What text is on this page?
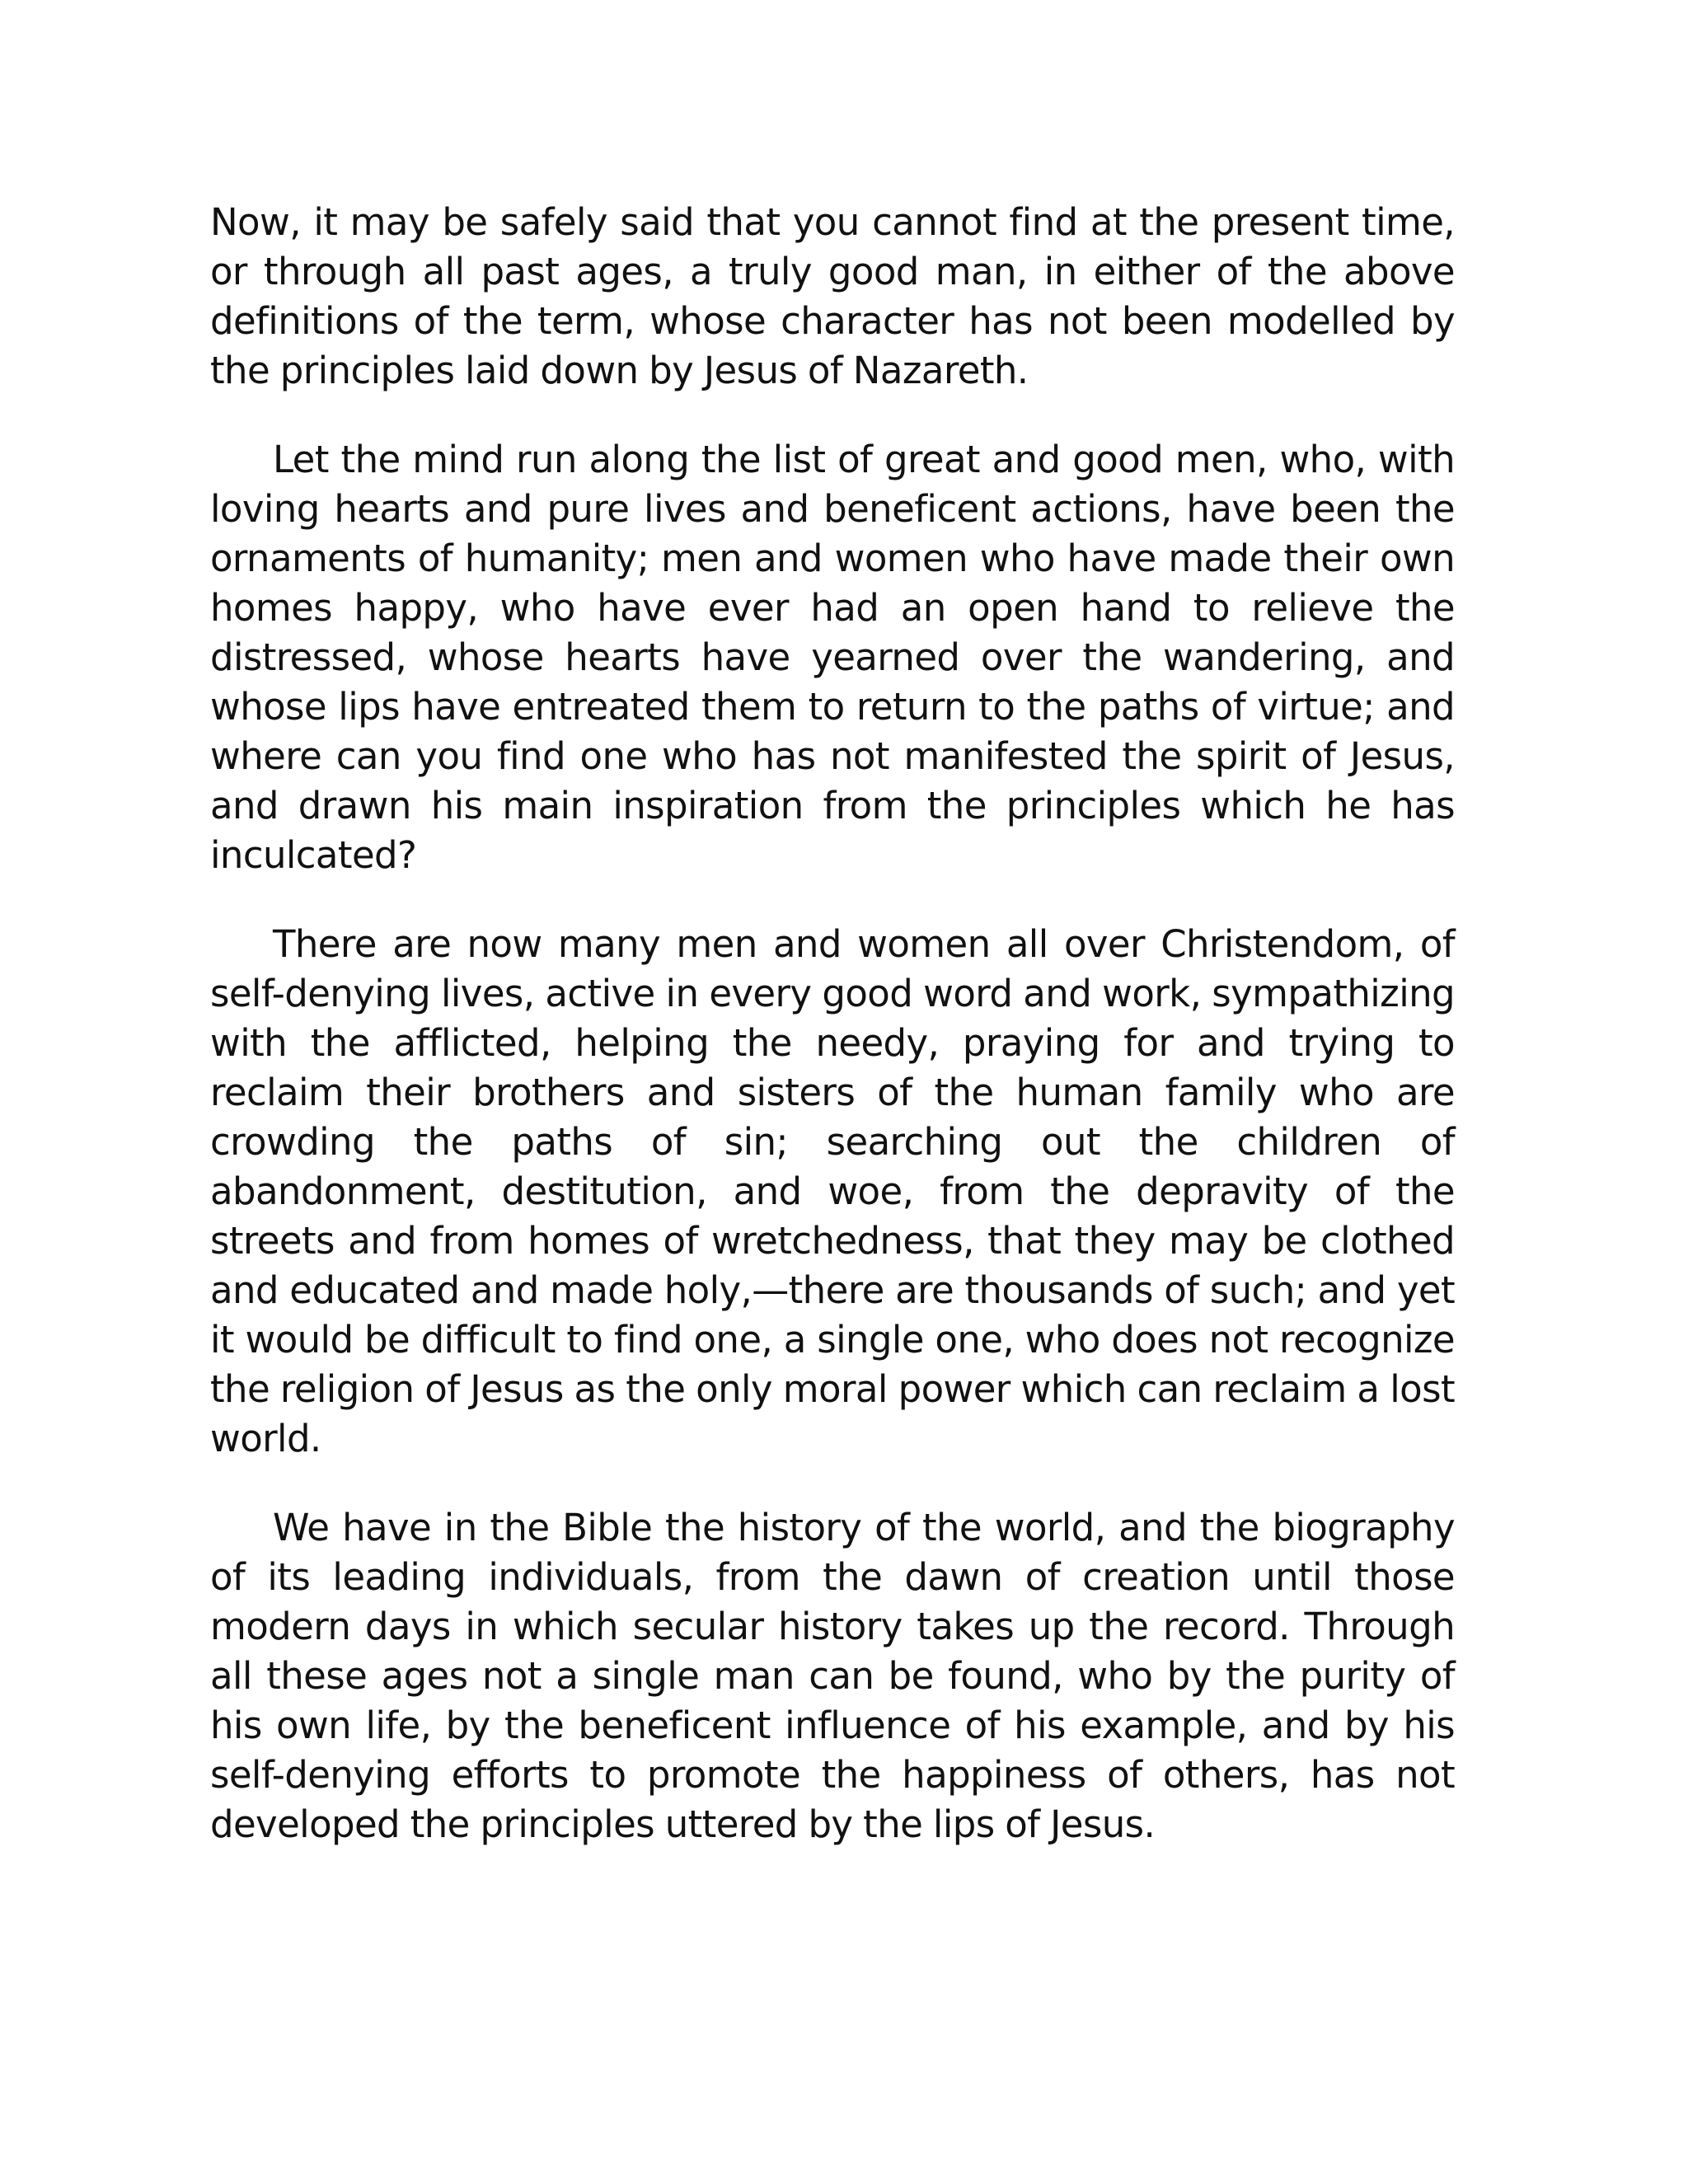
Now, it may be safely said that you cannot find at the present time, or through all past ages, a truly good man, in either of the above definitions of the term, whose character has not been modelled by the principles laid down by Jesus of Nazareth.

Let the mind run along the list of great and good men, who, with loving hearts and pure lives and beneficent actions, have been the ornaments of humanity; men and women who have made their own homes happy, who have ever had an open hand to relieve the distressed, whose hearts have yearned over the wandering, and whose lips have entreated them to return to the paths of virtue; and where can you find one who has not manifested the spirit of Jesus, and drawn his main inspiration from the principles which he has inculcated?

There are now many men and women all over Christendom, of self-denying lives, active in every good word and work, sympathizing with the afflicted, helping the needy, praying for and trying to reclaim their brothers and sisters of the human family who are crowding the paths of sin; searching out the children of abandonment, destitution, and woe, from the depravity of the streets and from homes of wretchedness, that they may be clothed and educated and made holy,—there are thousands of such; and yet it would be difficult to find one, a single one, who does not recognize the religion of Jesus as the only moral power which can reclaim a lost world.

We have in the Bible the history of the world, and the biography of its leading individuals, from the dawn of creation until those modern days in which secular history takes up the record. Through all these ages not a single man can be found, who by the purity of his own life, by the beneficent influence of his example, and by his self-denying efforts to promote the happiness of others, has not developed the principles uttered by the lips of Jesus.
